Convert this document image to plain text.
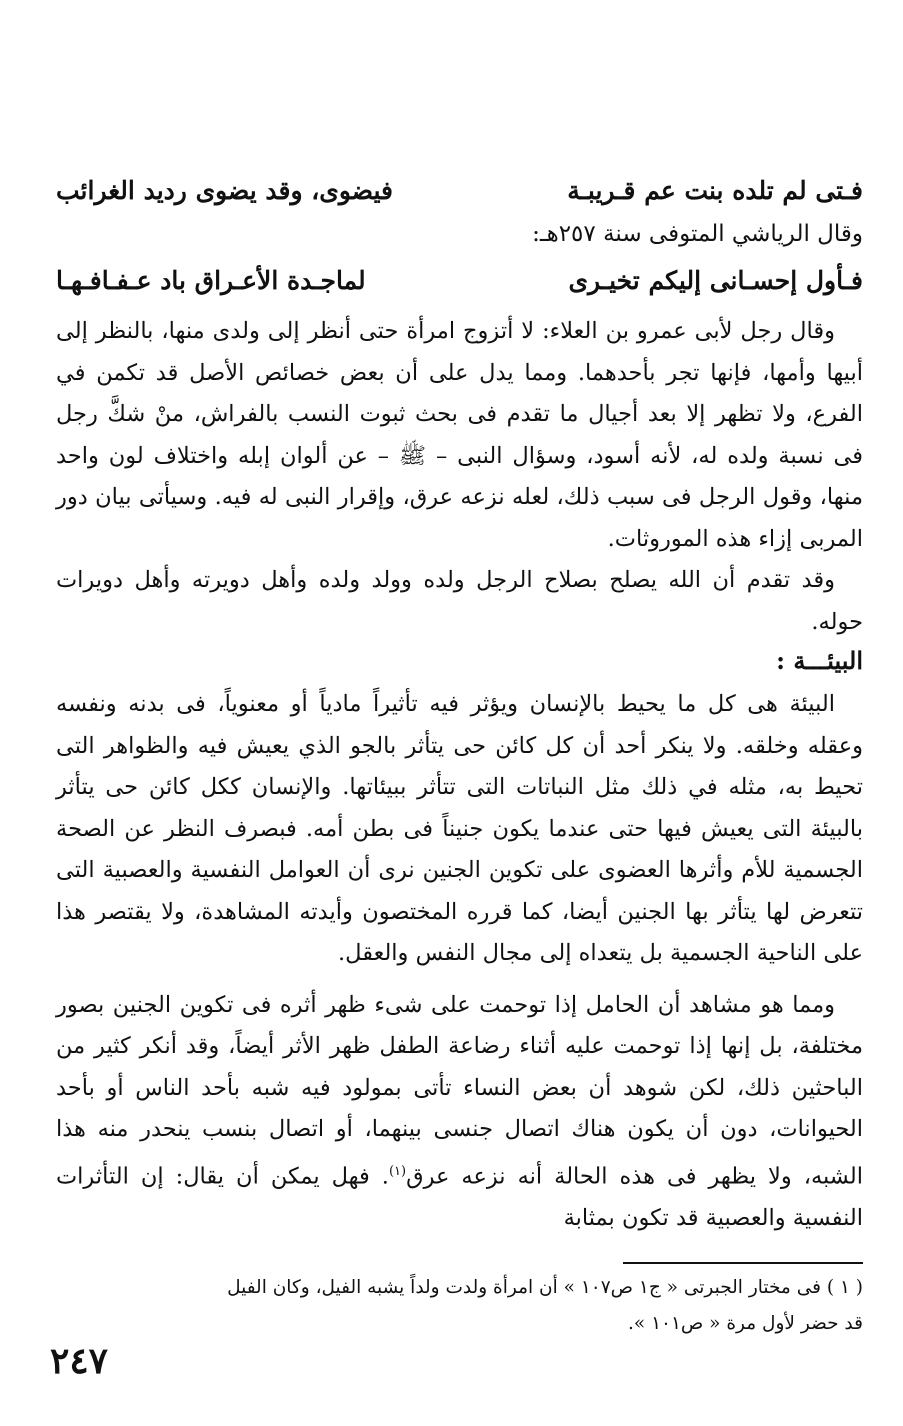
فـتى لم تلده بنت عم قـريبـة
فيضوى، وقد يضوى رديد الغرائب
وقال الرياشي المتوفى سنة ٢٥٧هـ:
فـأول إحسـانى إليكم تخيـرى
لماجـدة الأعـراق باد عـفـافـهـا

وقال رجل لأبى عمرو بن العلاء: لا أتزوج امرأة حتى أنظر إلى ولدى منها، بالنظر إلى أبيها وأمها، فإنها تجر بأحدهما. ومما يدل على أن بعض خصائص الأصل قد تكمن في الفرع، ولا تظهر إلا بعد أجيال ما تقدم فى بحث ثبوت النسب بالفراش، منْ شكَّ رجل فى نسبة ولده له، لأنه أسود، وسؤال النبى – ﷺ – عن ألوان إبله واختلاف لون واحد منها، وقول الرجل فى سبب ذلك، لعله نزعه عرق، وإقرار النبى له فيه. وسيأتى بيان دور المربى إزاء هذه الموروثات.

وقد تقدم أن الله يصلح بصلاح الرجل ولده وولد ولده وأهل دويرته وأهل دويرات حوله.

البيئـــة :

البيئة هى كل ما يحيط بالإنسان ويؤثر فيه تأثيراً مادياً أو معنوياً، فى بدنه ونفسه وعقله وخلقه. ولا ينكر أحد أن كل كائن حى يتأثر بالجو الذي يعيش فيه والظواهر التى تحيط به، مثله في ذلك مثل النباتات التى تتأثر ببيئاتها. والإنسان ككل كائن حى يتأثر بالبيئة التى يعيش فيها حتى عندما يكون جنيناً فى بطن أمه. فبصرف النظر عن الصحة الجسمية للأم وأثرها العضوى على تكوين الجنين نرى أن العوامل النفسية والعصبية التى تتعرض لها يتأثر بها الجنين أيضا، كما قرره المختصون وأيدته المشاهدة، ولا يقتصر هذا على الناحية الجسمية بل يتعداه إلى مجال النفس والعقل.

ومما هو مشاهد أن الحامل إذا توحمت على شىء ظهر أثره فى تكوين الجنين بصور مختلفة، بل إنها إذا توحمت عليه أثناء رضاعة الطفل ظهر الأثر أيضاً، وقد أنكر كثير من الباحثين ذلك، لكن شوهد أن بعض النساء تأتى بمولود فيه شبه بأحد الناس أو بأحد الحيوانات، دون أن يكون هناك اتصال جنسى بينهما، أو اتصال بنسب ينحدر منه هذا الشبه، ولا يظهر فى هذه الحالة أنه نزعه عرق$^{(١)}$. فهل يمكن أن يقال: إن التأثرات النفسية والعصبية قد تكون بمثابة

( ١ ) فى مختار الجبرتى « ج١ ص١٠٧ » أن امرأة ولدت ولداً يشبه الفيل، وكان الفيل

قد حضر لأول مرة « ص١٠١ ».

٢٤٧
